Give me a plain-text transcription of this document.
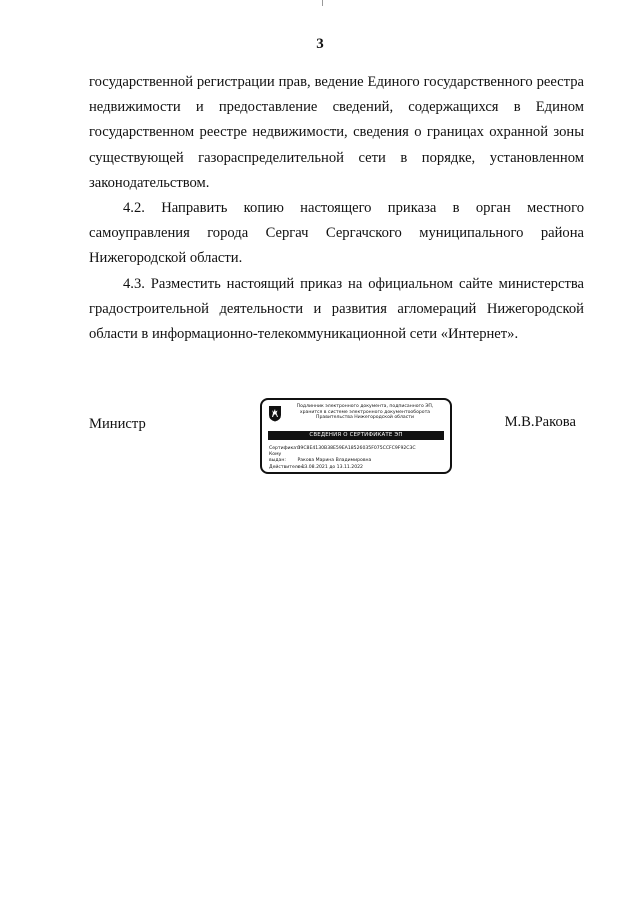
3

государственной регистрации прав, ведение Единого государственного реестра недвижимости и предоставление сведений, содержащихся в Едином государственном реестре недвижимости, сведения о границах охранной зоны существующей газораспределительной сети в порядке, установленном

законодательством.

4.2. Направить копию настоящего приказа в орган местного самоуправления города Сергач Сергачского муниципального района

Нижегородской области.

4.3. Разместить настоящий приказ на официальном сайте министерства градостроительной деятельности и развития агломераций Нижегородской

области в информационно-телекоммуникационной сети «Интернет».

Министр
Подлинник электронного документа, подписанного ЭП,
хранится в системе электронного документооборота
Правительства Нижегородской области
СВЕДЕНИЯ О СЕРТИФИКАТЕ ЭП
Сертификат: 39C8E4130B38E59EA18526035F075CCFC9F92C3C
Кому выдан:	Ракова Марина Владимировна
Действителен: с 13.08.2021 до 13.11.2022
М.В.Ракова
